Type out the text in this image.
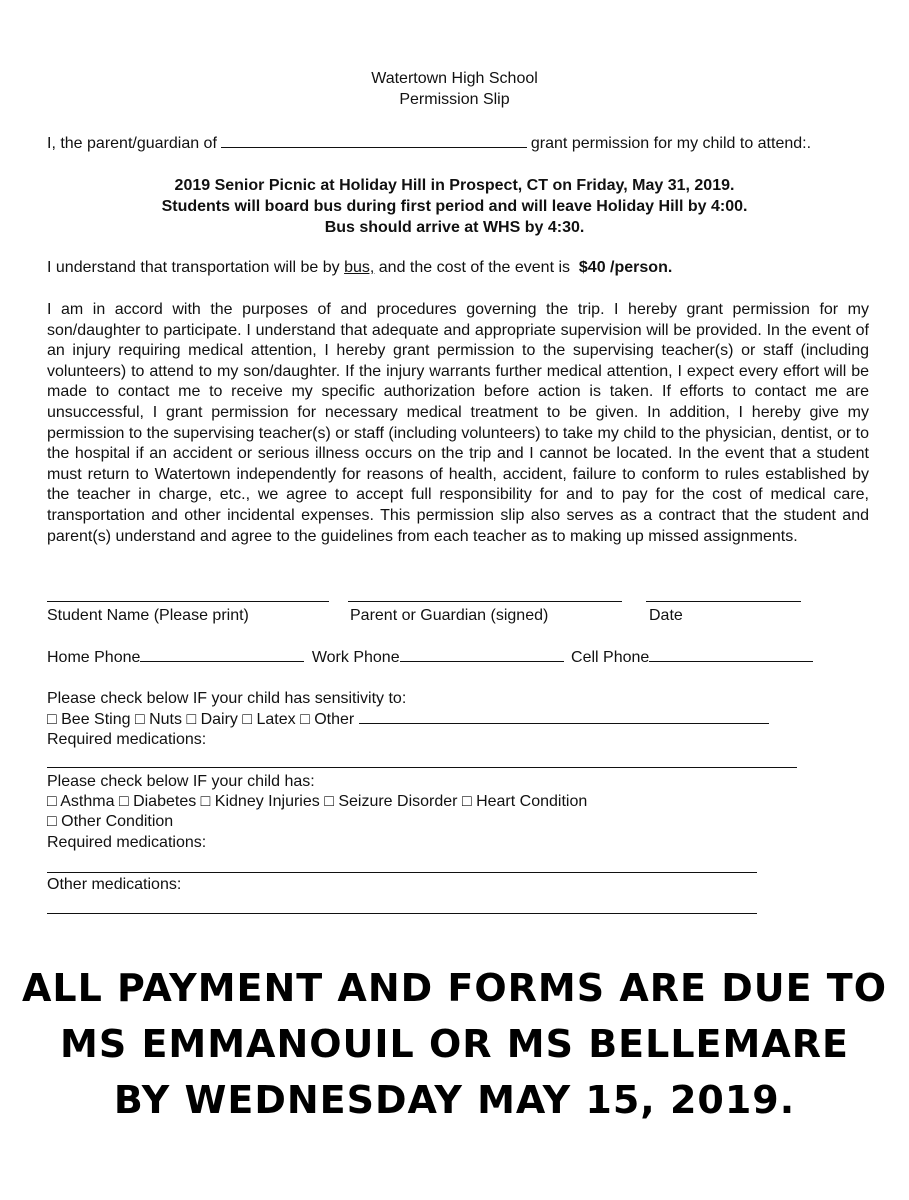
Watertown High School
Permission Slip
I, the parent/guardian of	grant permission for my child to attend:.
2019 Senior Picnic at Holiday Hill in Prospect, CT on Friday, May 31, 2019.
Students will board bus during first period and will leave Holiday Hill by 4:00.
Bus should arrive at WHS by 4:30.
I understand that transportation will be by bus, and the cost of the event is $40 /person.
I am in accord with the purposes of and procedures governing the trip. I hereby grant permission for my son/daughter to participate. I understand that adequate and appropriate supervision will be provided. In the event of an injury requiring medical attention, I hereby grant permission to the supervising teacher(s) or staff (including volunteers) to attend to my son/daughter. If the injury warrants further medical attention, I expect every effort will be made to contact me to receive my specific authorization before action is taken. If efforts to contact me are unsuccessful, I grant permission for necessary medical treatment to be given. In addition, I hereby give my permission to the supervising teacher(s) or staff (including volunteers) to take my child to the physician, dentist, or to the hospital if an accident or serious illness occurs on the trip and I cannot be located. In the event that a student must return to Watertown independently for reasons of health, accident, failure to conform to rules established by the teacher in charge, etc., we agree to accept full responsibility for and to pay for the cost of medical care, transportation and other incidental expenses. This permission slip also serves as a contract that the student and parent(s) understand and agree to the guidelines from each teacher as to making up missed assignments.
Student Name (Please print)	Parent or Guardian (signed)	Date
Home Phone	Work Phone	Cell Phone
Please check below IF your child has sensitivity to:
□ Bee Sting □ Nuts □ Dairy □ Latex □ Other
Required medications:
Please check below IF your child has:
□ Asthma □ Diabetes □ Kidney Injuries □ Seizure Disorder □ Heart Condition
□ Other Condition
Required medications:
Other medications:
ALL PAYMENT AND FORMS ARE DUE TO
MS EMMANOUIL OR MS BELLEMARE
BY WEDNESDAY MAY 15, 2019.
